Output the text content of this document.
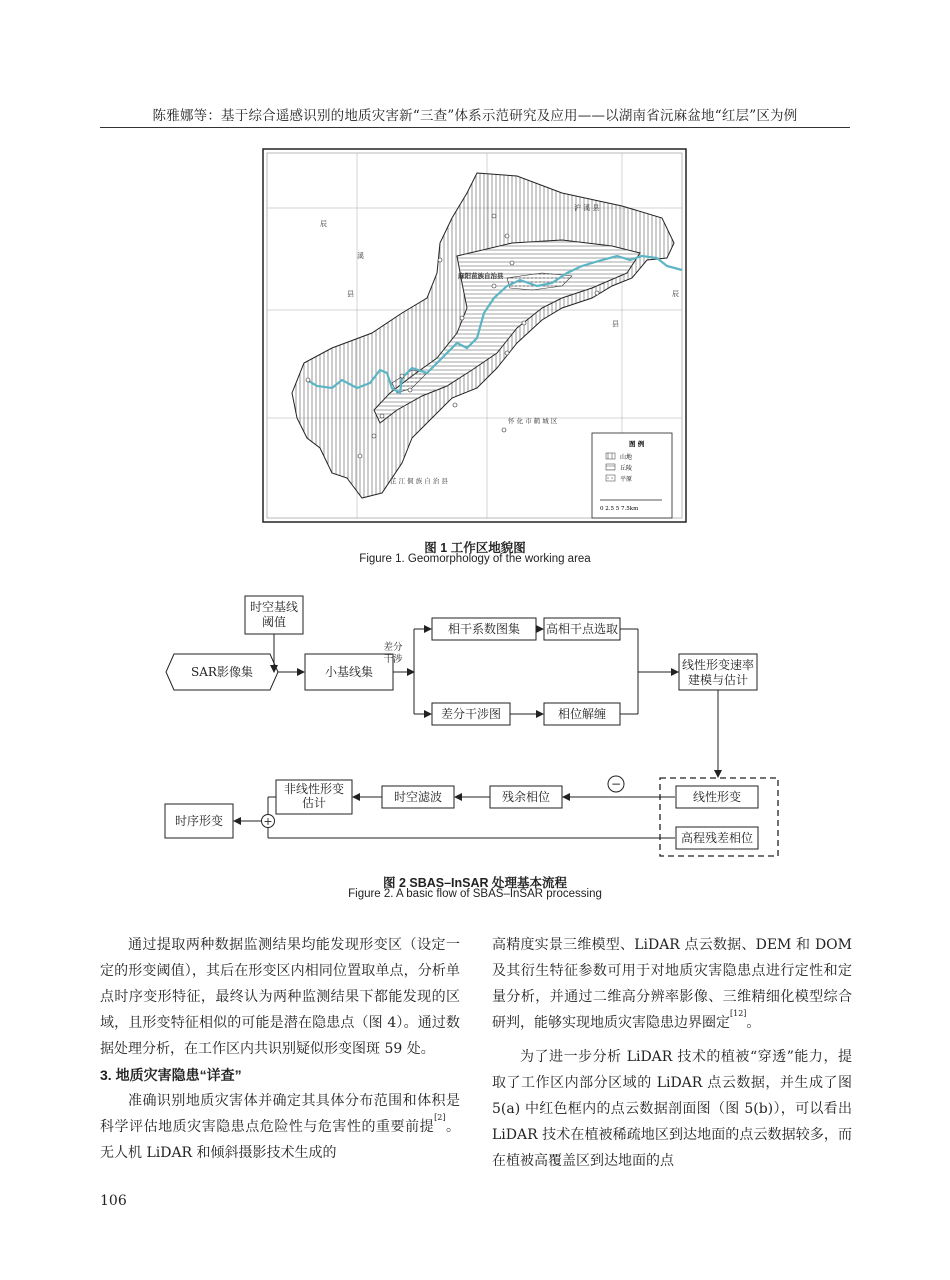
陈雅娜等：基于综合遥感识别的地质灾害新“三查”体系示范研究及应用——以湖南省沅麻盆地“红层”区为例
辰
溪
县
沪 溪 县
辰
县
麻阳苗族自治县
怀 化 市 鹤 城 区
芷 江 侗 族 自 治 县
图 例
山地
丘陵
平原
0 2.5 5 7.5km
图 1 工作区地貌图
Figure 1. Geomorphology of the working area
时空基线
阈值
SAR影像集	小基线集
差分
干涉
相干系数图集 高相干点选取
差分干涉图	相位解缠
线性形变速率
建模与估计
线性形变
高程残差相位
残余相位
时空滤波
非线性形变
估计
时序形变
−
+
图 2 SBAS–InSAR 处理基本流程
Figure 2. A basic flow of SBAS–InSAR processing

通过提取两种数据监测结果均能发现形变区（设定一定的形变阈值），其后在形变区内相同位置取单点，分析单点时序变形特征，最终认为两种监测结果下都能发现的区域，且形变特征相似的可能是潜在隐患点（图 4）。通过数据处理分析，在工作区内共识别疑似形变图斑 59 处。

3. 地质灾害隐患“详查”

准确识别地质灾害体并确定其具体分布范围和体积是科学评估地质灾害隐患点危险性与危害性的重要前提[2]。无人机 LiDAR 和倾斜摄影技术生成的

高精度实景三维模型、LiDAR 点云数据、DEM 和 DOM 及其衍生特征参数可用于对地质灾害隐患点进行定性和定量分析，并通过二维高分辨率影像、三维精细化模型综合研判，能够实现地质灾害隐患边界圈定[12]。

为了进一步分析 LiDAR 技术的植被“穿透”能力，提取了工作区内部分区域的 LiDAR 点云数据，并生成了图 5(a) 中红色框内的点云数据剖面图（图 5(b)），可以看出 LiDAR 技术在植被稀疏地区到达地面的点云数据较多，而在植被高覆盖区到达地面的点

106
